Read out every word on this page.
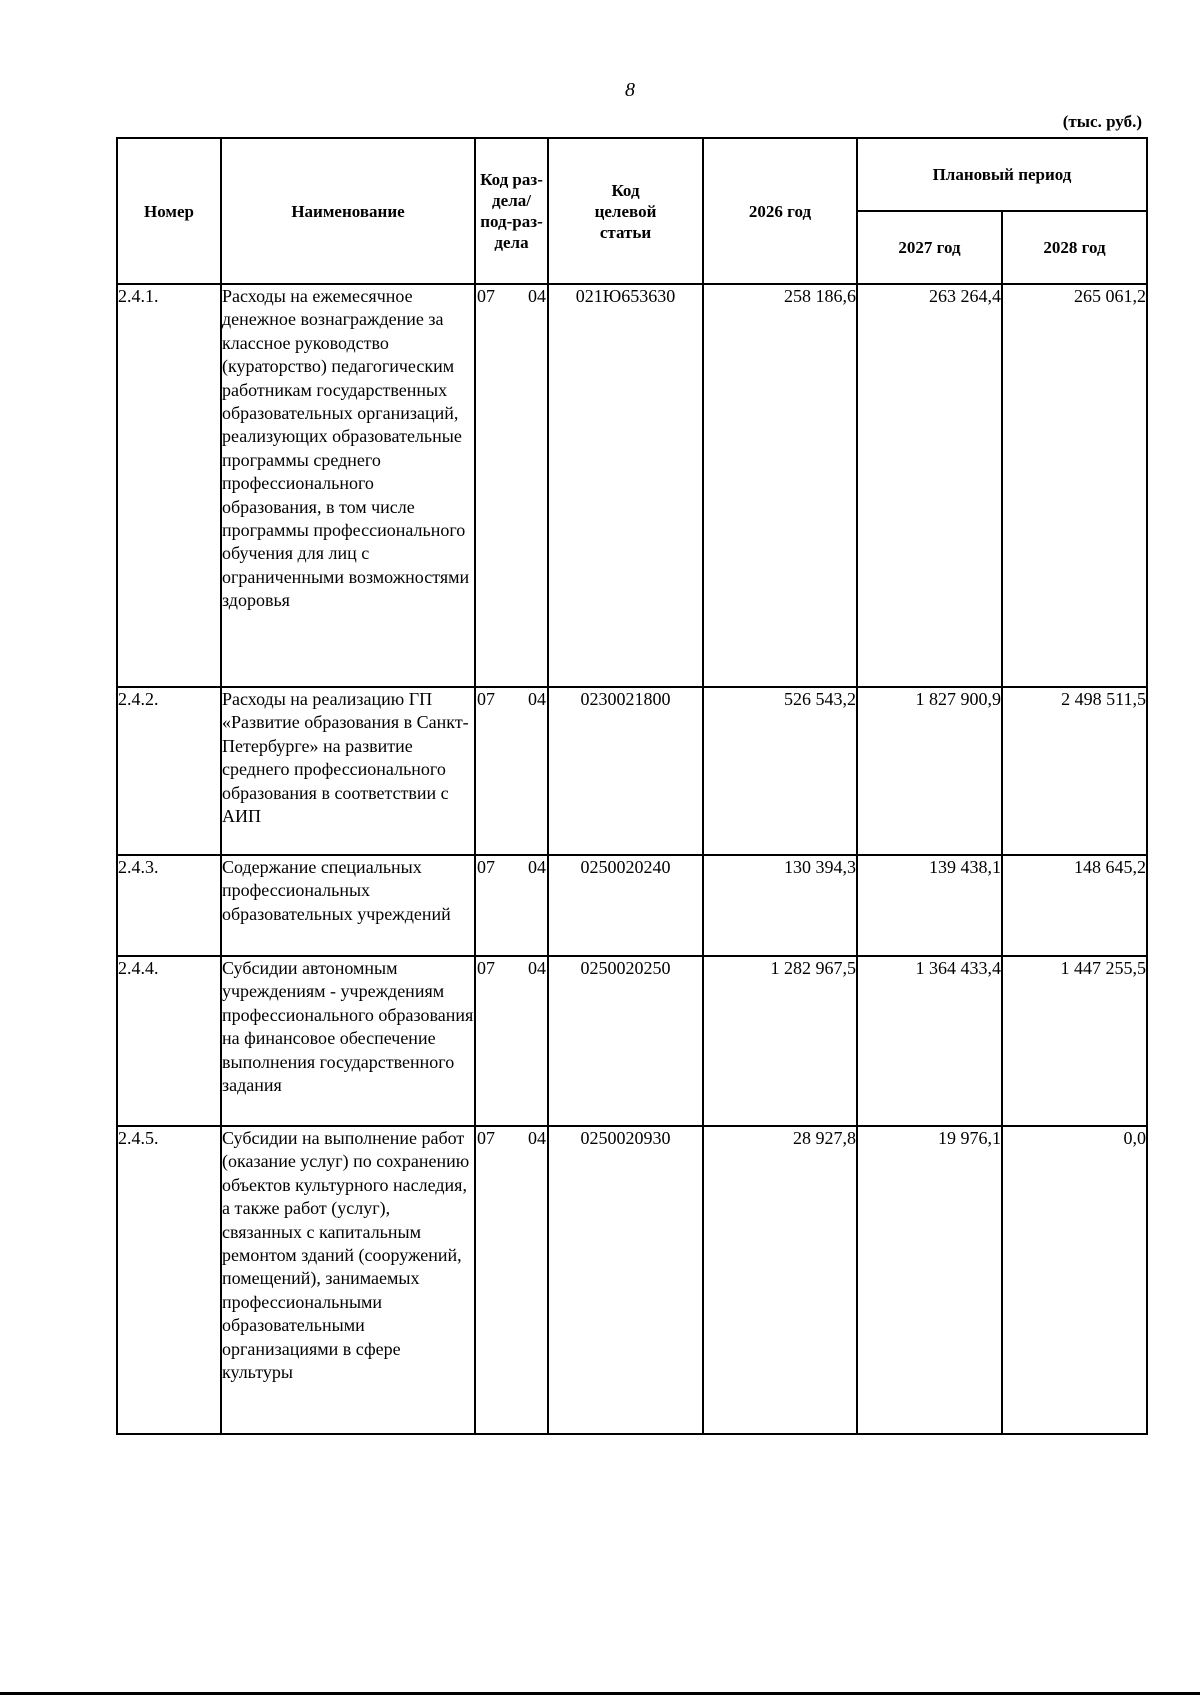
8
(тыс. руб.)
Номер	Наименование	Код раз-дела/ под-раз-дела	Код целевой статьи	2026 год	Плановый период	
					2027 год	2028 год
2.4.1.	Расходы на ежемесячное денежное вознаграждение за классное руководство (кураторство) педагогическим работникам государственных образовательных организаций, реализующих образовательные программы среднего профессионального образования, в том числе программы профессионального обучения для лиц с ограниченными возможностями здоровья	07 04	021Ю653630	258 186,6	263 264,4	265 061,2
2.4.2.	Расходы на реализацию ГП «Развитие образования в Санкт-Петербурге» на развитие среднего профессионального образования в соответствии с АИП	07 04	0230021800	526 543,2	1 827 900,9	2 498 511,5
2.4.3.	Содержание специальных профессиональных образовательных учреждений	07 04	0250020240	130 394,3	139 438,1	148 645,2
2.4.4.	Субсидии автономным учреждениям - учреждениям профессионального образования на финансовое обеспечение выполнения государственного задания	07 04	0250020250	1 282 967,5	1 364 433,4	1 447 255,5
2.4.5.	Субсидии на выполнение работ (оказание услуг) по сохранению объектов культурного наследия, а также работ (услуг), связанных с капитальным ремонтом зданий (сооружений, помещений), занимаемых профессиональными образовательными организациями в сфере культуры	07 04	0250020930	28 927,8	19 976,1	0,0
